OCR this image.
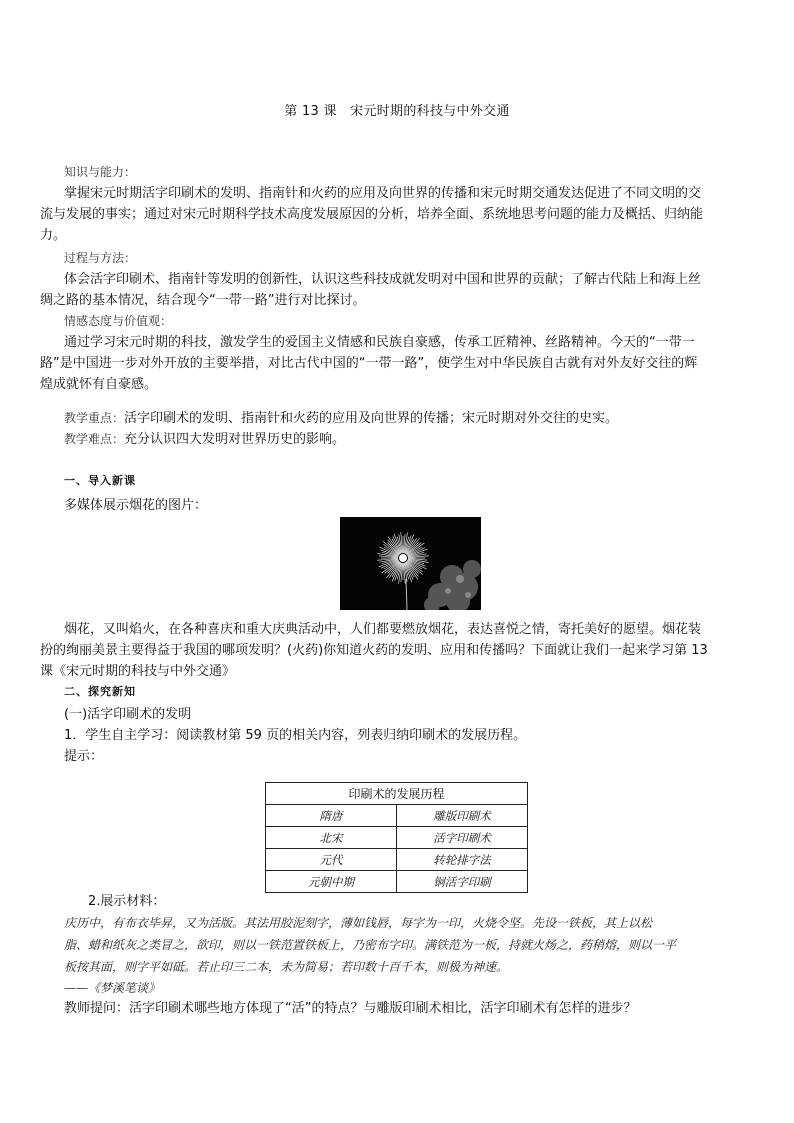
第 13 课　宋元时期的科技与中外交通
知识与能力：
掌握宋元时期活字印刷术的发明、指南针和火药的应用及向世界的传播和宋元时期交通发达促进了不同文明的交
流与发展的事实；通过对宋元时期科学技术高度发展原因的分析，培养全面、系统地思考问题的能力及概括、归纳能
力。
过程与方法：
体会活字印刷术、指南针等发明的创新性，认识这些科技成就发明对中国和世界的贡献；了解古代陆上和海上丝
绸之路的基本情况，结合现今“一带一路”进行对比探讨。
情感态度与价值观：
通过学习宋元时期的科技，激发学生的爱国主义情感和民族自豪感，传承工匠精神、丝路精神。今天的“一带一
路”是中国进一步对外开放的主要举措，对比古代中国的“一带一路”，使学生对中华民族自古就有对外友好交往的辉
煌成就怀有自豪感。
教学重点：活字印刷术的发明、指南针和火药的应用及向世界的传播；宋元时期对外交往的史实。
教学难点：充分认识四大发明对世界历史的影响。
一、导入新课
多媒体展示烟花的图片：
烟花，又叫焰火，在各种喜庆和重大庆典活动中，人们都要燃放烟花，表达喜悦之情，寄托美好的愿望。烟花装
扮的绚丽美景主要得益于我国的哪项发明？(火药)你知道火药的发明、应用和传播吗？下面就让我们一起来学习第 13
课《宋元时期的科技与中外交通》
二、探究新知
(一)活字印刷术的发明
1．学生自主学习：阅读教材第 59 页的相关内容，列表归纳印刷术的发展历程。
提示：
印刷术的发展历程	
隋唐	雕版印刷术
北宋	活字印刷术
元代	转轮排字法
元朝中期	铜活字印刷
2.展示材料：
庆历中，有布衣毕昇，又为活版。其法用胶泥刻字，薄如钱唇，每字为一印，火烧令坚。先设一铁板，其上以松
脂、蜡和纸灰之类冒之，欲印，则以一铁范置铁板上，乃密布字印。满铁范为一板，持就火炀之，药稍熔，则以一平
板按其面，则字平如砥。若止印三二本，未为简易；若印数十百千本，则极为神速。
——《梦溪笔谈》
教师提问：活字印刷术哪些地方体现了“活”的特点？与雕版印刷术相比，活字印刷术有怎样的进步？
